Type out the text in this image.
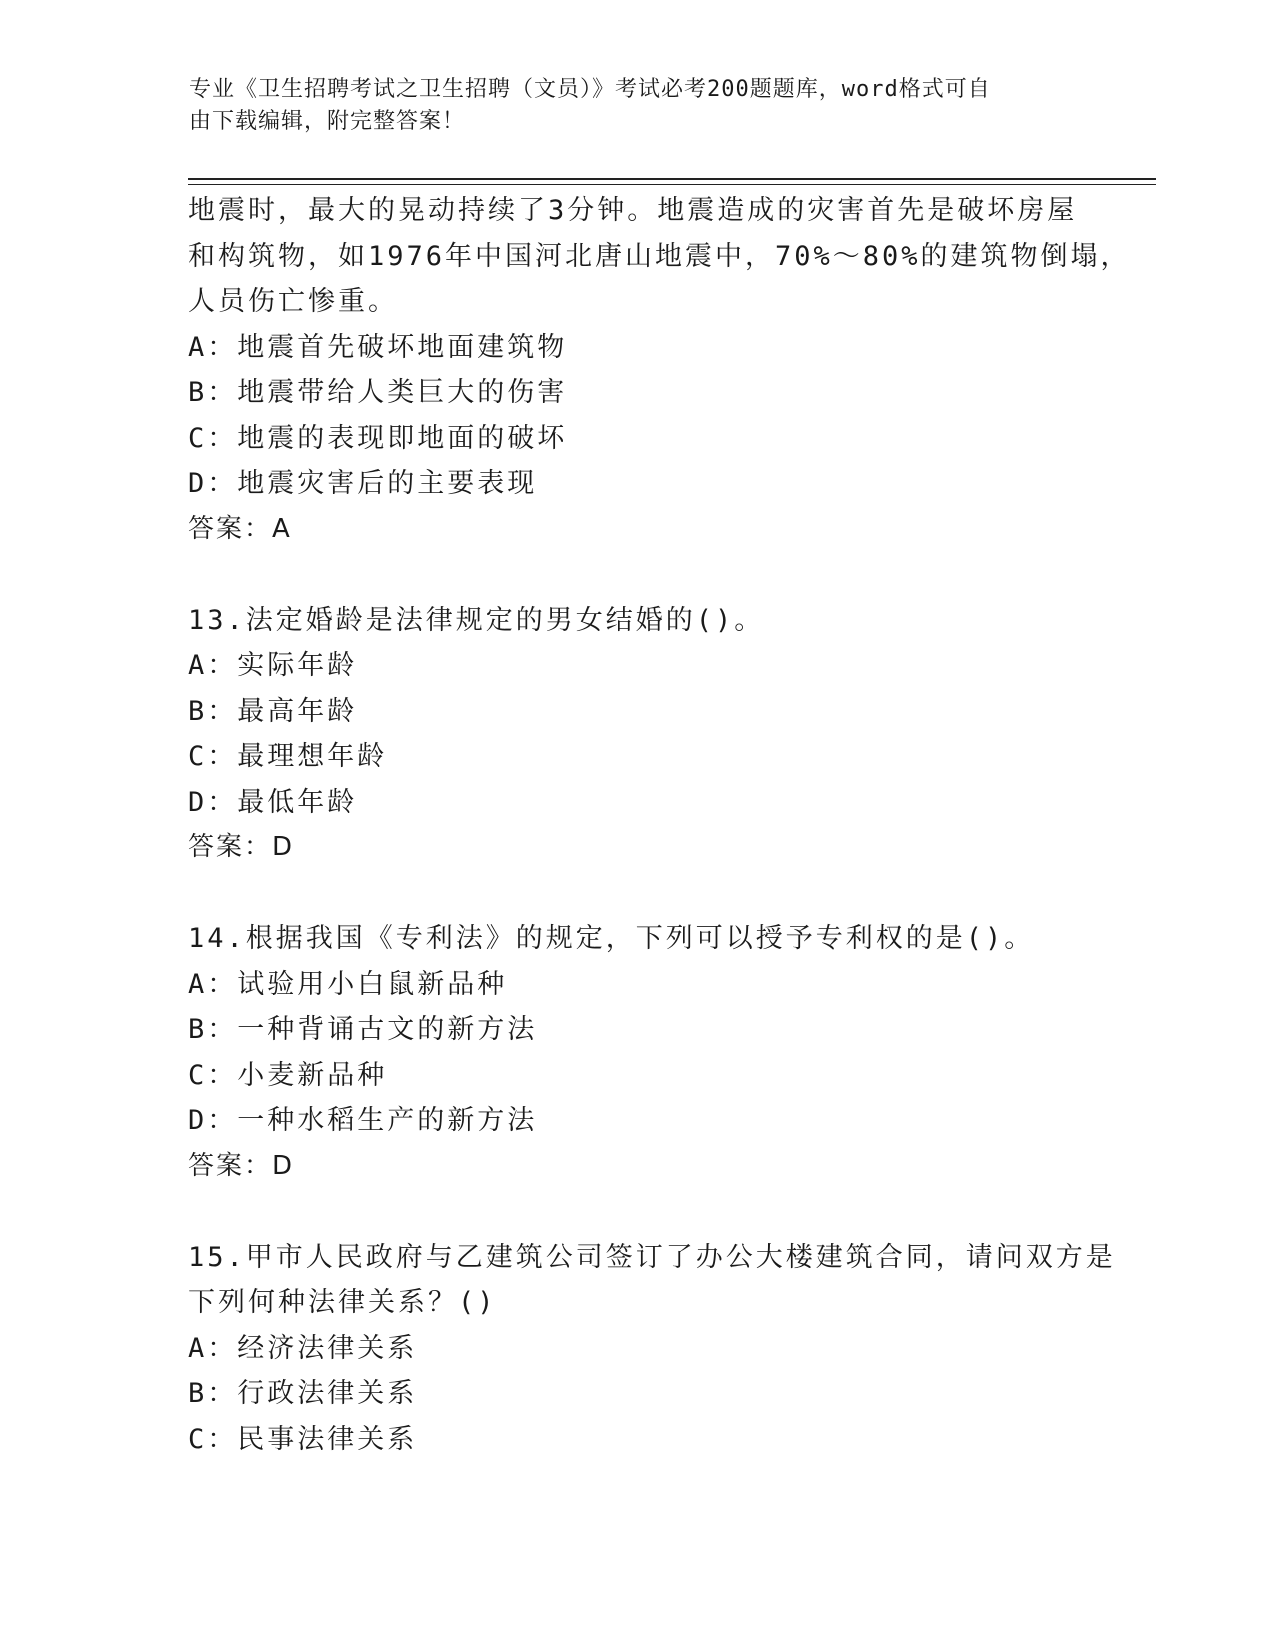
专业《卫生招聘考试之卫生招聘（文员）》考试必考200题题库，word格式可自
由下载编辑，附完整答案！
地震时，最大的晃动持续了3分钟。地震造成的灾害首先是破坏房屋
和构筑物，如1976年中国河北唐山地震中，70%～80%的建筑物倒塌，
人员伤亡惨重。
A：地震首先破坏地面建筑物
B：地震带给人类巨大的伤害
C：地震的表现即地面的破坏
D：地震灾害后的主要表现
答案：A
13.法定婚龄是法律规定的男女结婚的()。
A：实际年龄
B：最高年龄
C：最理想年龄
D：最低年龄
答案：D
14.根据我国《专利法》的规定，下列可以授予专利权的是()。
A：试验用小白鼠新品种
B：一种背诵古文的新方法
C：小麦新品种
D：一种水稻生产的新方法
答案：D
15.甲市人民政府与乙建筑公司签订了办公大楼建筑合同，请问双方是
下列何种法律关系？()
A：经济法律关系
B：行政法律关系
C：民事法律关系
